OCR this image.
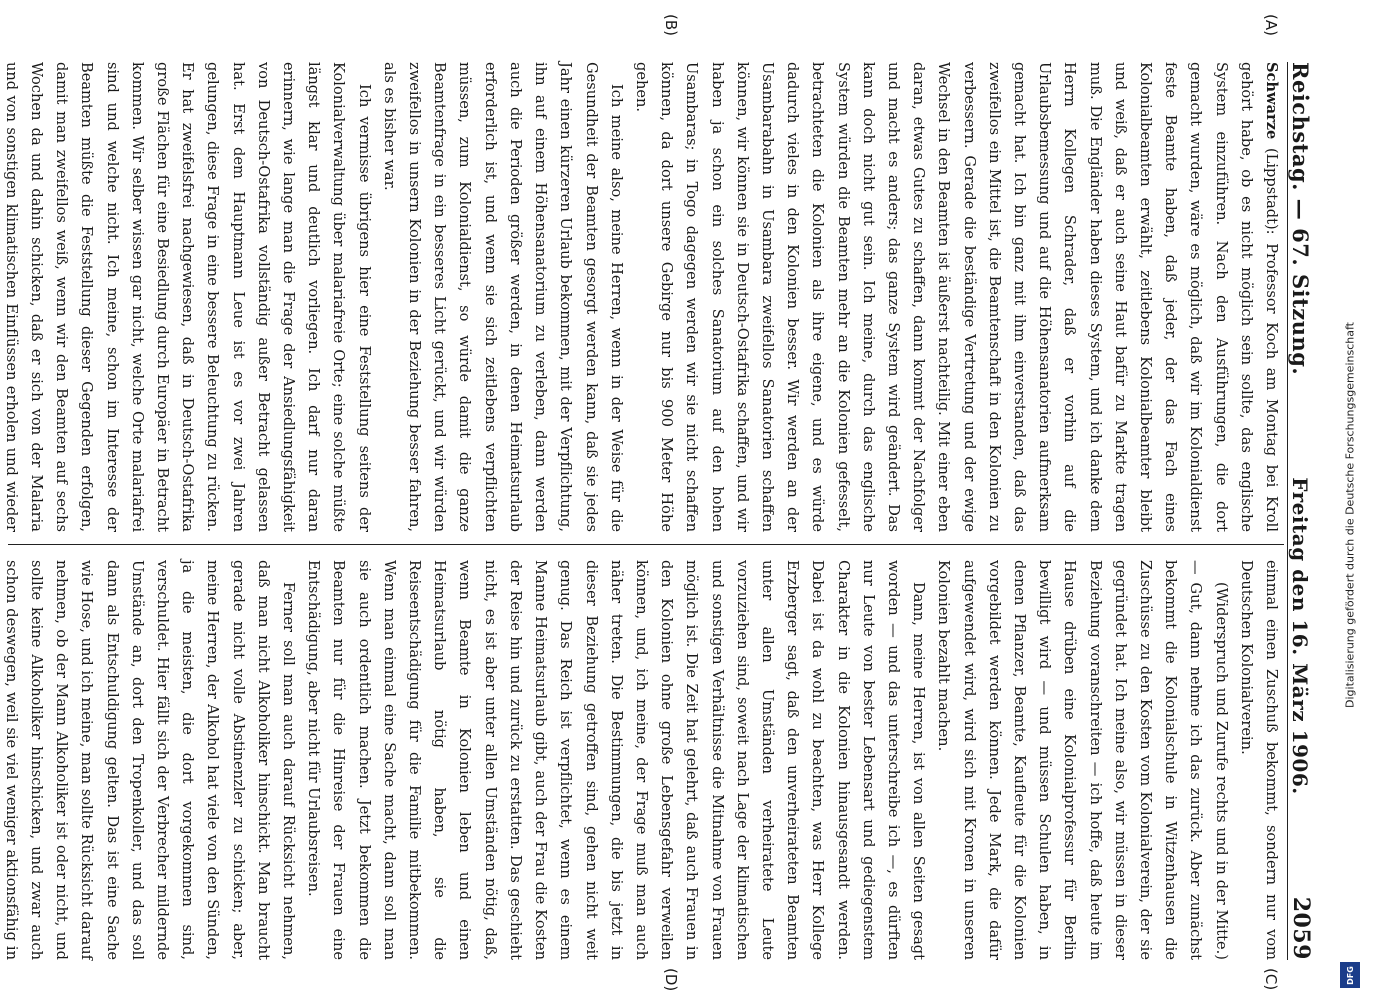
Reichstag. — 67. Sitzung.
Freitag den 16. März 1906.
2059
(A)
(B)
(C)
(D)

Schwarze (Lippstadt): Professor Koch am Montag bei Kroll gehört habe, ob es nicht möglich sein sollte, das englische System einzuführen. Nach den Ausführungen, die dort gemacht wurden, wäre es möglich, daß wir im Kolonialdienst feste Beamte haben, daß jeder, der das Fach eines Kolonialbeamten erwählt, zeitlebens Kolonialbeamter bleibt und weiß, daß er auch seine Haut bafür zu Markte tragen muß. Die Engländer haben dieses System, und ich danke dem Herrn Kollegen Schrader, daß er vorhin auf die Urlaubsbemessung und auf die Höhensanatorien aufmerksam gemacht hat. Ich bin ganz mit ihm einverstanden, daß das zweifellos ein Mittel ist, die Beamtenschaft in den Kolonien zu verbessern. Gerade die beständige Vertretung und der ewige Wechsel in den Beamten ist äußerst nachteilig. Mit einer eben daran, etwas Gutes zu schaffen, dann kommt der Nachfolger und macht es anders; das ganze System wird geändert. Das kann doch nicht gut sein. Ich meine, durch das englische System würden die Beamten mehr an die Kolonien gefesselt, betrachteten die Kolonien als ihre eigene, und es würde dadurch vieles in den Kolonien besser. Wir werden an der Usambarabahn in Usambara zweifellos Sanatorien schaffen können, wir können sie in Deutsch-Ostafrika schaffen, und wir haben ja schon ein solches Sanatorium auf den hohen Usambaras; in Togo dagegen werden wir sie nicht schaffen können, da dort unsere Gebirge nur bis 900 Meter Höhe gehen.

Ich meine also, meine Herren, wenn in der Weise für die Gesundheit der Beamten gesorgt werden kann, daß sie jedes Jahr einen kürzeren Urlaub bekommen, mit der Verpflichtung, ihn auf einem Höhensanatorium zu verleben, dann werden auch die Perioden größer werden, in denen Heimatsurlaub erforderlich ist, und wenn sie sich zeitlebens verpflichten müssen, zum Kolonialdienst, so würde damit die ganze Beamtenfrage in ein besseres Licht gerückt, und wir würden zweifellos in unsern Kolonien in der Beziehung besser fahren, als es bisher war.

Ich vermisse übrigens hier eine Feststellung seitens der Kolonialverwaltung über malariafreie Orte; eine solche müßte längst klar und deutlich vorliegen. Ich darf nur daran erinnern, wie lange man die Frage der Ansiedlungsfähigkeit von Deutsch-Ostafrika vollständig außer Betracht gelassen hat. Erst dem Hauptmann Leue ist es vor zwei Jahren gelungen, diese Frage in eine bessere Beleuchtung zu rücken. Er hat zweifelsfrei nachgewiesen, daß in Deutsch-Ostafrika große Flächen für eine Besiedlung durch Europäer in Betracht kommen. Wir selber wissen gar nicht, welche Orte malariafrei sind und welche nicht. Ich meine, schon im Interesse der Beamten müßte die Feststellung dieser Gegenden erfolgen, damit man zweifellos weiß, wenn wir den Beamten auf sechs Wochen da und dahin schicken, daß er sich von der Malaria und von sonstigen klimatischen Einflüssen erholen und wieder

einmal einen Zuschuß bekommt, sondern nur vom Deutschen Kolonialverein.

(Widerspruch und Zurufe rechts und in der Mitte.) — Gut, dann nehme ich das zurück. Aber zunächst bekommt die Kolonialschule in Witzenhausen die Zuschüsse zu den Kosten vom Kolonialverein, der sie gegründet hat. Ich meine also, wir müssen in dieser Beziehung voranschreiten — ich hoffe, daß heute im Hause drüben eine Kolonialprofessur für Berlin bewilligt wird — und müssen Schulen haben, in denen Pflanzer, Beamte, Kaufleute für die Kolonien vorgebildet werden können. Jede Mark, die dafür aufgewendet wird, wird sich mit Kronen in unseren Kolonien bezahlt machen.

Dann, meine Herren, ist von allen Seiten gesagt worden — und das unterschreibe ich —, es dürften nur Leute von bester Lebensart und gediegenstem Charakter in die Kolonien hinausgesandt werden. Dabei ist da wohl zu beachten, was Herr Kollege Erzberger sagt, daß den unverheirateten Beamten unter allen Umständen verheiratete Leute vorzuziehen sind, soweit nach Lage der klimatischen und sonstigen Verhältnisse die Mitnahme von Frauen möglich ist. Die Zeit hat gelehrt, daß auch Frauen in den Kolonien ohne große Lebensgefahr verweilen können, und, ich meine, der Frage muß man auch näher treten. Die Bestimmungen, die bis jetzt in dieser Beziehung getroffen sind, gehen nicht weit genug. Das Reich ist verpflichtet, wenn es einem Manne Heimatsurlaub gibt, auch der Frau die Kosten der Reise hin und zurück zu erstatten. Das geschieht nicht, es ist aber unter allen Umständen nötig, daß, wenn Beamte in Kolonien leben und einen Heimatsurlaub nötig haben, sie die Reiseentschädigung für die Familie mitbekommen. Wenn man einmal eine Sache macht, dann soll man sie auch ordentlich machen. Jetzt bekommen die Beamten nur für die Hinreise der Frauen eine Entschädigung, aber nicht für Urlaubsreisen.

Ferner soll man auch darauf Rücksicht nehmen, daß man nicht Alkoholiker hinschickt. Man braucht gerade nicht volle Abstinenzler zu schicken; aber, meine Herren, der Alkohol hat viele von den Sünden, ja die meisten, die dort vorgekommen sind, verschuldet. Hier fällt sich der Verbrecher mildernde Umstände an, dort den Tropenkoller, und das soll dann als Entschuldigung gelten. Das ist eine Sache wie Hose, und ich meine, man sollte Rücksicht darauf nehmen, ob der Mann Alkoholiker ist oder nicht, und sollte keine Alkoholiker hinschicken, und zwar auch schon deswegen, weil sie viel weniger aktionsfähig in

Digitalisierung gefördert durch die Deutsche Forschungsgemeinschaft
DFG
